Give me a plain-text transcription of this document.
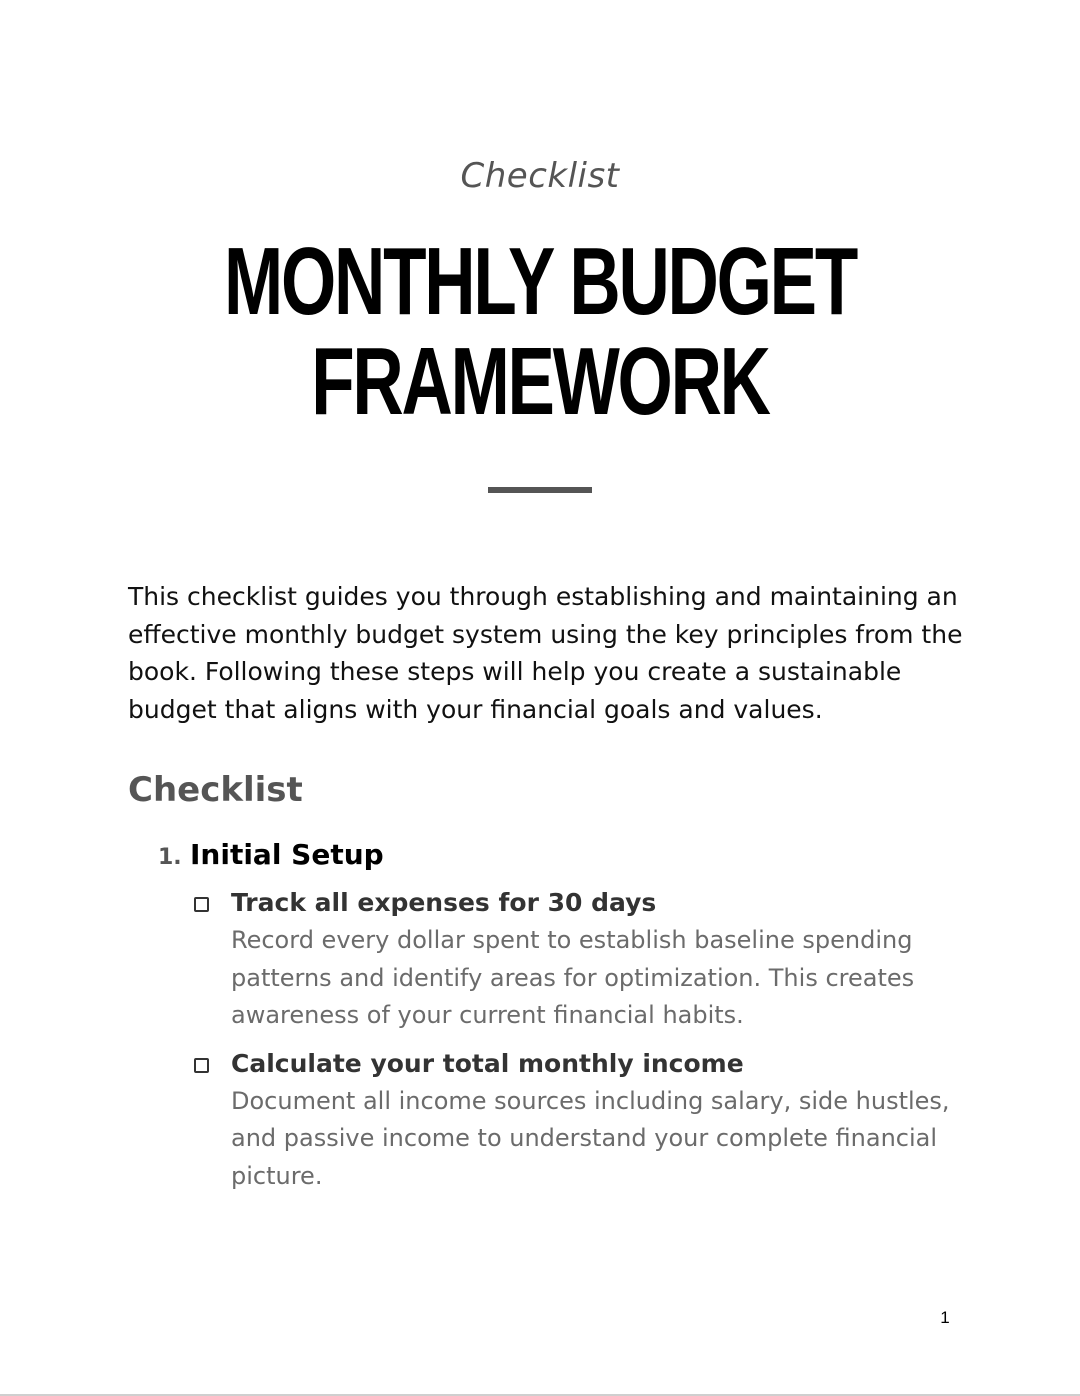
Checklist
MONTHLY BUDGET
FRAMEWORK

This checklist guides you through establishing and maintaining an effective monthly budget system using the key principles from the book. Following these steps will help you create a sustainable budget that aligns with your financial goals and values.

Checklist
1. Initial Setup
Track all expenses for 30 days
Record every dollar spent to establish baseline spending patterns and identify areas for optimization. This creates awareness of your current financial habits.
Calculate your total monthly income
Document all income sources including salary, side hustles, and passive income to understand your complete financial picture.
1
